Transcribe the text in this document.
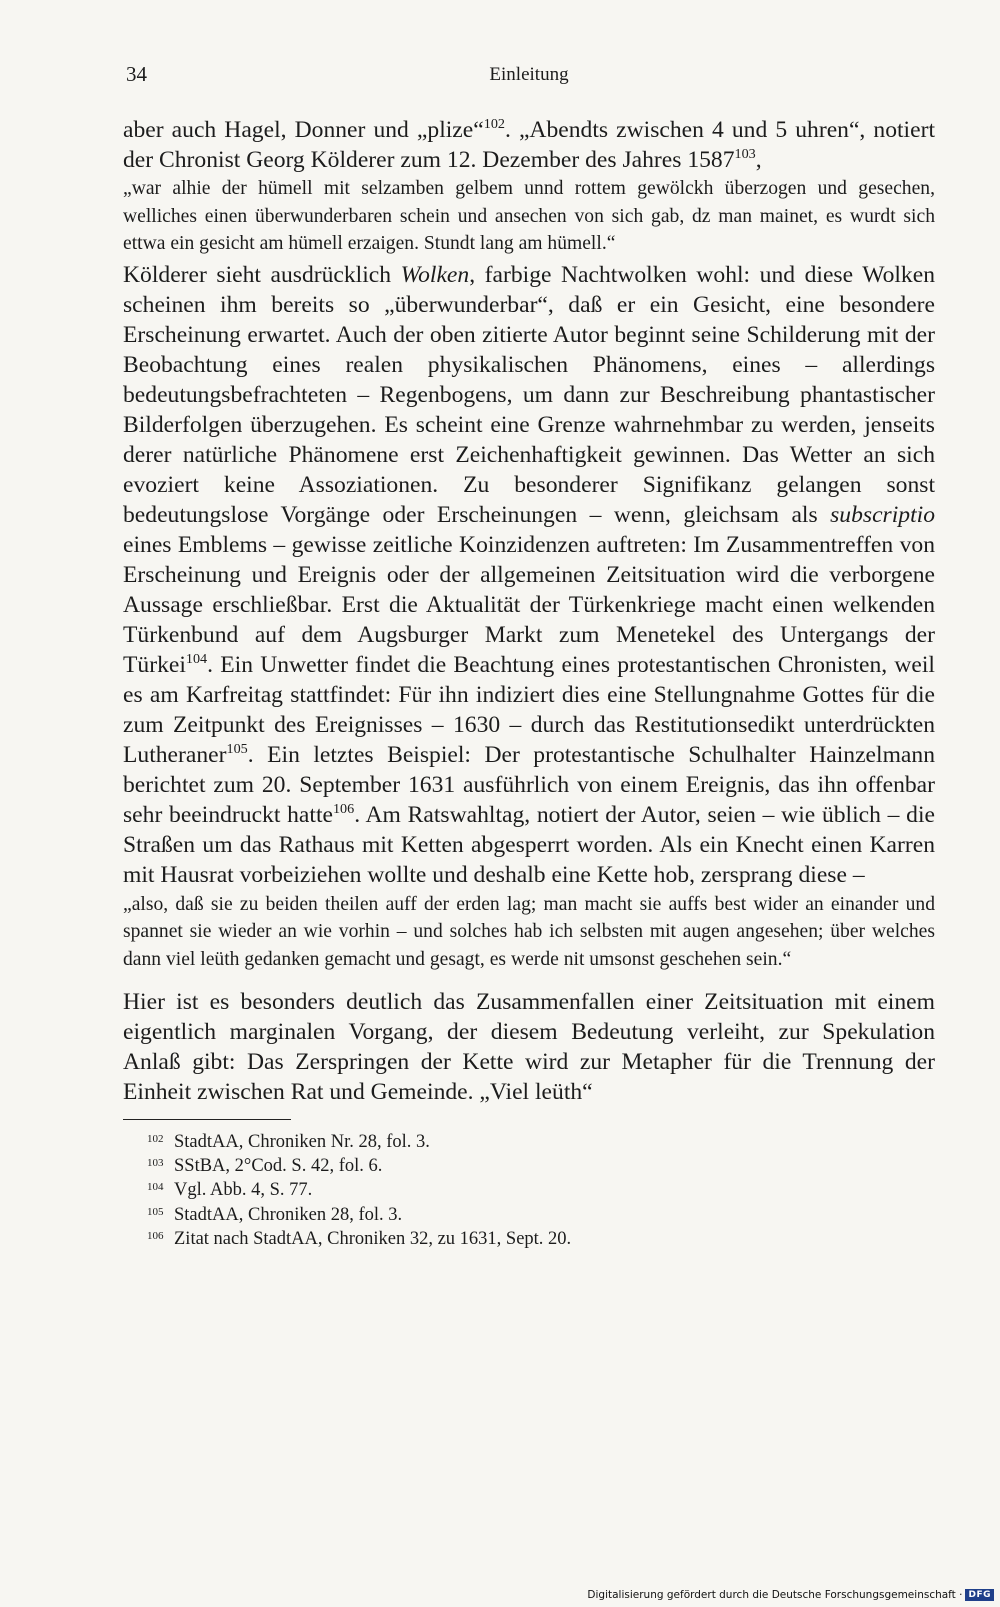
34	Einleitung

aber auch Hagel, Donner und „plize“$^{102}$. „Abendts zwischen 4 und 5 uhren“, notiert der Chronist Georg Kölderer zum 12. Dezember des Jahres 1587$^{103}$,

„war alhie der hümell mit selzamben gelbem unnd rottem gewölckh überzogen und gesechen, welliches einen überwunderbaren schein und ansechen von sich gab, dz man mainet, es wurdt sich ettwa ein gesicht am hümell erzaigen. Stundt lang am hümell.“

Kölderer sieht ausdrücklich Wolken, farbige Nachtwolken wohl: und diese Wolken scheinen ihm bereits so „überwunderbar“, daß er ein Gesicht, eine besondere Erscheinung erwartet. Auch der oben zitierte Autor beginnt seine Schilderung mit der Beobachtung eines realen physikalischen Phänomens, eines – allerdings bedeutungsbefrachteten – Regenbogens, um dann zur Beschreibung phantastischer Bilderfolgen überzugehen. Es scheint eine Grenze wahrnehmbar zu werden, jenseits derer natürliche Phänomene erst Zeichenhaftigkeit gewinnen. Das Wetter an sich evoziert keine Assoziationen. Zu besonderer Signifikanz gelangen sonst bedeutungslose Vorgänge oder Erscheinungen – wenn, gleichsam als subscriptio eines Emblems – gewisse zeitliche Koinzidenzen auftreten: Im Zusammentreffen von Erscheinung und Ereignis oder der allgemeinen Zeitsituation wird die verborgene Aussage erschließbar. Erst die Aktualität der Türkenkriege macht einen welkenden Türkenbund auf dem Augsburger Markt zum Menetekel des Untergangs der Türkei$^{104}$. Ein Unwetter findet die Beachtung eines protestantischen Chronisten, weil es am Karfreitag stattfindet: Für ihn indiziert dies eine Stellungnahme Gottes für die zum Zeitpunkt des Ereignisses – 1630 – durch das Restitutionsedikt unterdrückten Lutheraner$^{105}$. Ein letztes Beispiel: Der protestantische Schulhalter Hainzelmann berichtet zum 20. September 1631 ausführlich von einem Ereignis, das ihn offenbar sehr beeindruckt hatte$^{106}$. Am Ratswahltag, notiert der Autor, seien – wie üblich – die Straßen um das Rathaus mit Ketten abgesperrt worden. Als ein Knecht einen Karren mit Hausrat vorbeiziehen wollte und deshalb eine Kette hob, zersprang diese –

„also, daß sie zu beiden theilen auff der erden lag; man macht sie auffs best wider an einander und spannet sie wieder an wie vorhin – und solches hab ich selbsten mit augen angesehen; über welches dann viel leüth gedanken gemacht und gesagt, es werde nit umsonst geschehen sein.“

Hier ist es besonders deutlich das Zusammenfallen einer Zeitsituation mit einem eigentlich marginalen Vorgang, der diesem Bedeutung verleiht, zur Spekulation Anlaß gibt: Das Zerspringen der Kette wird zur Metapher für die Trennung der Einheit zwischen Rat und Gemeinde. „Viel leüth“

102 StadtAA, Chroniken Nr. 28, fol. 3.
103 SStBA, 2°Cod. S. 42, fol. 6.
104 Vgl. Abb. 4, S. 77.
105 StadtAA, Chroniken 28, fol. 3.
106 Zitat nach StadtAA, Chroniken 32, zu 1631, Sept. 20.
Digitalisierung gefördert durch die Deutsche Forschungsgemeinschaft · DFG
